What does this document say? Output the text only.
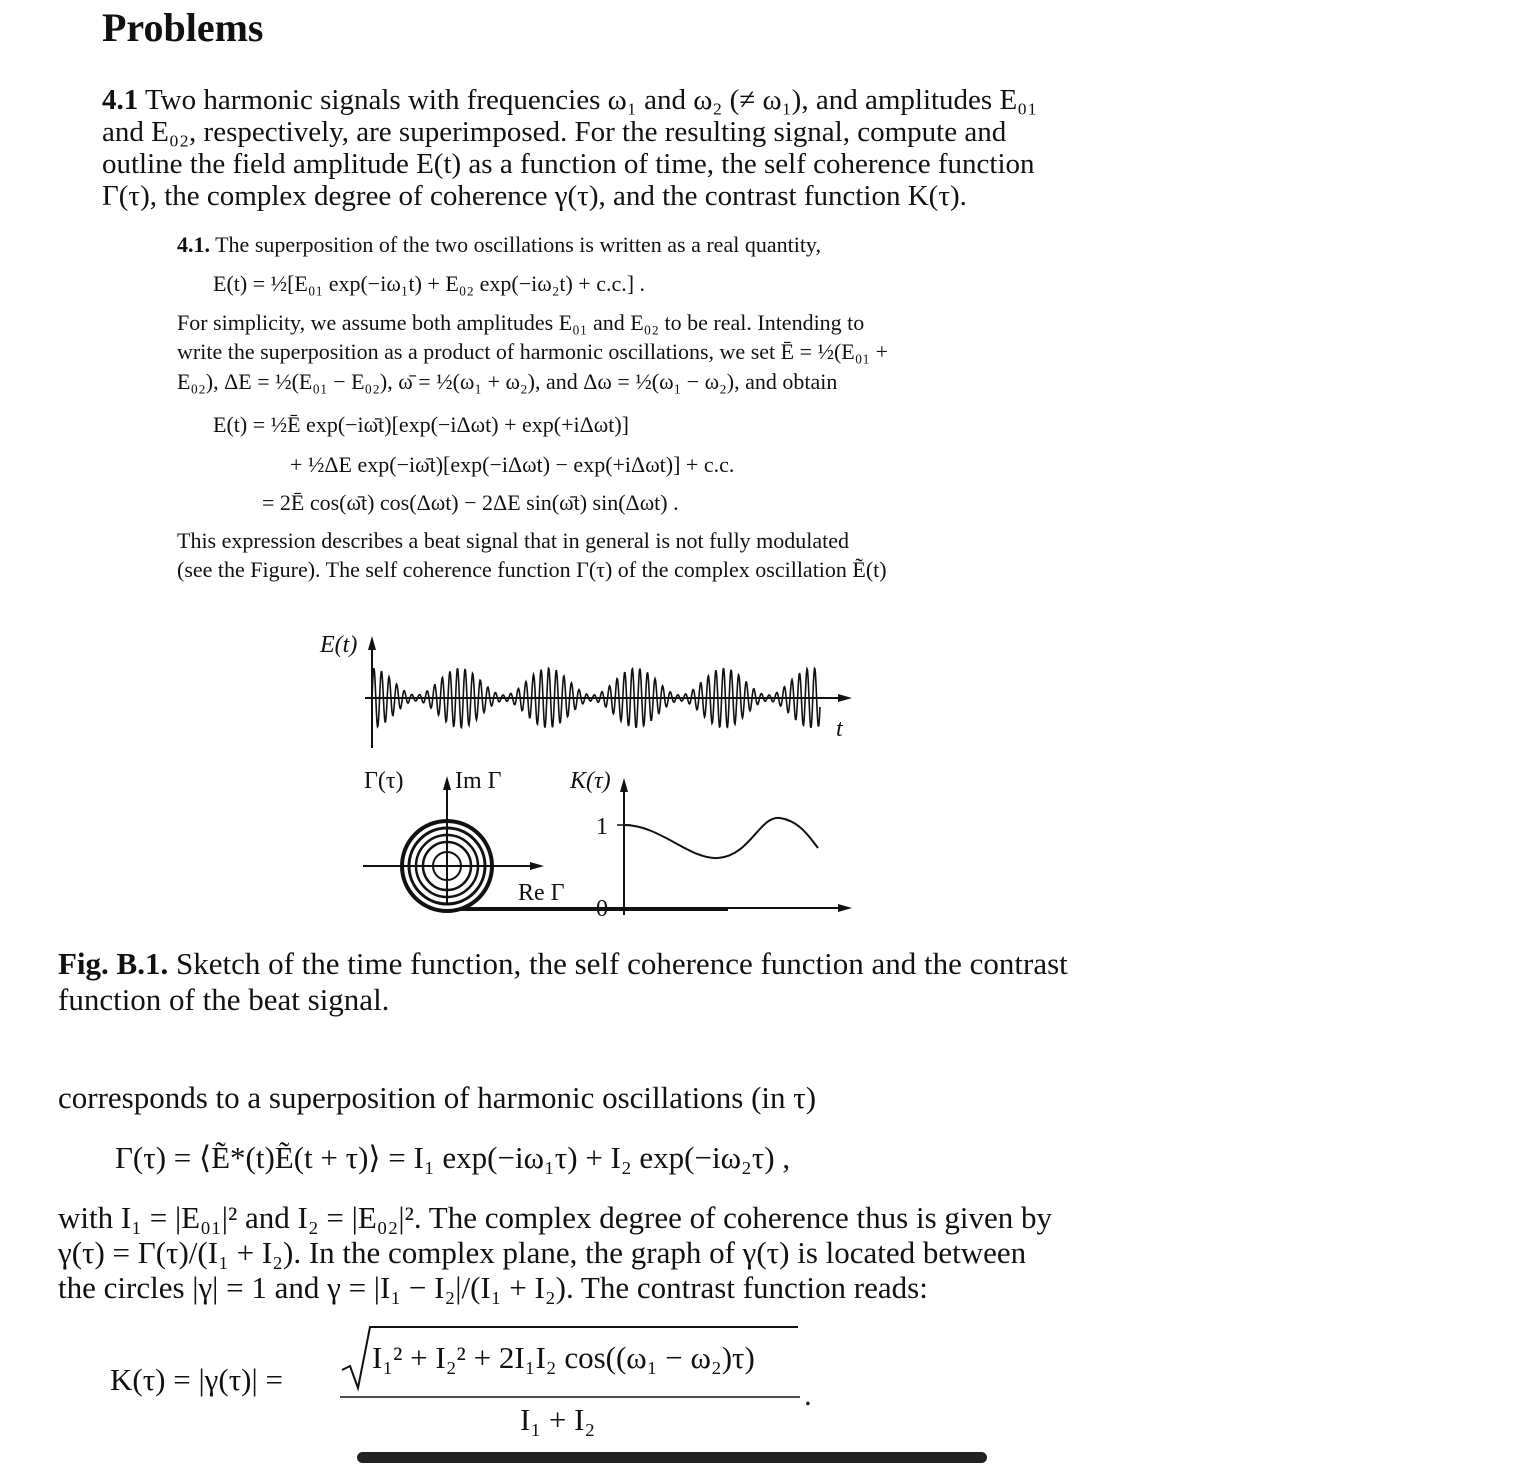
Problems
4.1 Two harmonic signals with frequencies ω₁ and ω₂ (≠ ω₁), and amplitudes E₀₁
and E₀₂, respectively, are superimposed. For the resulting signal, compute and
outline the field amplitude E(t) as a function of time, the self coherence function
Γ(τ), the complex degree of coherence γ(τ), and the contrast function K(τ).
4.1. The superposition of the two oscillations is written as a real quantity,
E(t) = ½[E₀₁ exp(−iω₁t) + E₀₂ exp(−iω₂t) + c.c.] .
For simplicity, we assume both amplitudes E₀₁ and E₀₂ to be real. Intending to
write the superposition as a product of harmonic oscillations, we set Ē = ½(E₀₁ +
E₀₂), ΔE = ½(E₀₁ − E₀₂), ω̄ = ½(ω₁ + ω₂), and Δω = ½(ω₁ − ω₂), and obtain
E(t) = ½Ē exp(−iω̄t)[exp(−iΔωt) + exp(+iΔωt)]
+ ½ΔE exp(−iω̄t)[exp(−iΔωt) − exp(+iΔωt)] + c.c.
= 2Ē cos(ω̄t) cos(Δωt) − 2ΔE sin(ω̄t) sin(Δωt) .
This expression describes a beat signal that in general is not fully modulated
(see the Figure). The self coherence function Γ(τ) of the complex oscillation Ẽ(t)
E(t)
t
Γ(τ) Im Γ
Re Γ
K(τ)
1
0
Fig. B.1. Sketch of the time function, the self coherence function and the contrast
function of the beat signal.
corresponds to a superposition of harmonic oscillations (in τ)
Γ(τ) = ⟨Ẽ*(t)Ẽ(t + τ)⟩ = I₁ exp(−iω₁τ) + I₂ exp(−iω₂τ) ,
with I₁ = |E₀₁|² and I₂ = |E₀₂|². The complex degree of coherence thus is given by
γ(τ) = Γ(τ)/(I₁ + I₂). In the complex plane, the graph of γ(τ) is located between
the circles |γ| = 1 and γ = |I₁ − I₂|/(I₁ + I₂). The contrast function reads:
K(τ) = |γ(τ)| =
I₁² + I₂² + 2I₁I₂ cos((ω₁ − ω₂)τ)
I₁ + I₂
.
